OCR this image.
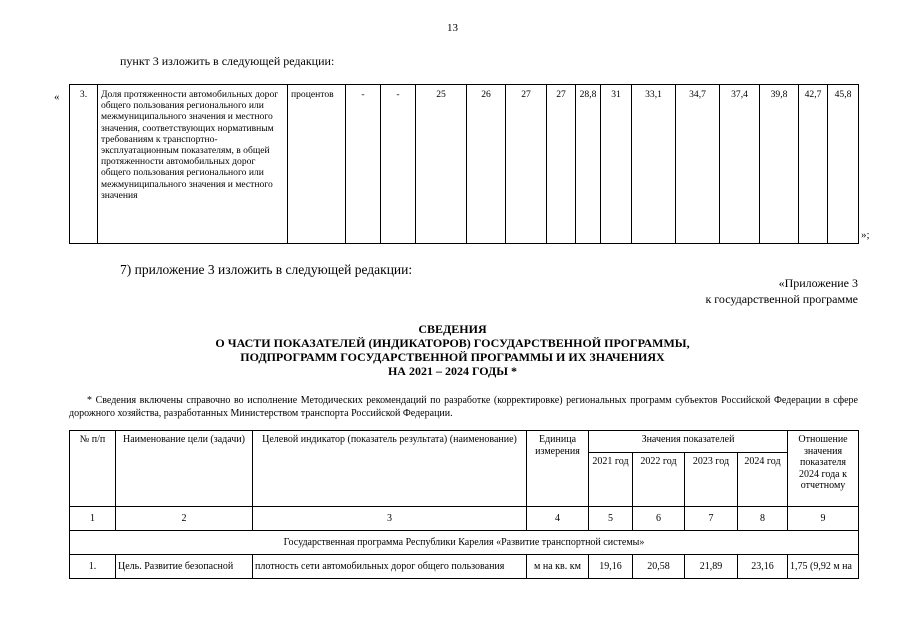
13
пункт 3 изложить в следующей редакции:
« 3.	Доля протяженности автомобильных дорог общего пользования регионального или межмуниципального значения и местного значения, соответствующих нормативным требованиям к транспортно-эксплуатационным показателям, в общей протяженности автомобильных дорог общего пользования регионального или межмуниципального значения и местного значения	процентов	-	-	25	26	27	27	28,8	31	33,1	34,7	37,4	39,8	42,7	45,8
»;
7) приложение 3 изложить в следующей редакции:
«Приложение 3
к государственной программе
СВЕДЕНИЯ
О ЧАСТИ ПОКАЗАТЕЛЕЙ (ИНДИКАТОРОВ) ГОСУДАРСТВЕННОЙ ПРОГРАММЫ,
ПОДПРОГРАММ ГОСУДАРСТВЕННОЙ ПРОГРАММЫ И ИХ ЗНАЧЕНИЯХ
НА 2021 – 2024 ГОДЫ *
* Сведения включены справочно во исполнение Методических рекомендаций по разработке (корректировке) региональных программ субъектов Российской Федерации в сфере дорожного хозяйства, разработанных Министерством транспорта Российской Федерации.
№ п/п	Наименование цели (задачи)	Целевой индикатор (показатель результата) (наименование)	Единица измерения	Значения показателей				Отношение значения показателя 2024 года к отчетному
				2021 год	2022 год	2023 год	2024 год	
1	2	3	4	5	6	7	8	9
Государственная программа Республики Карелия «Развитие транспортной системы»								
1.	Цель. Развитие безопасной	плотность сети автомобильных дорог общего пользования	м на кв. км	19,16	20,58	21,89	23,16	1,75 (9,92 м на
